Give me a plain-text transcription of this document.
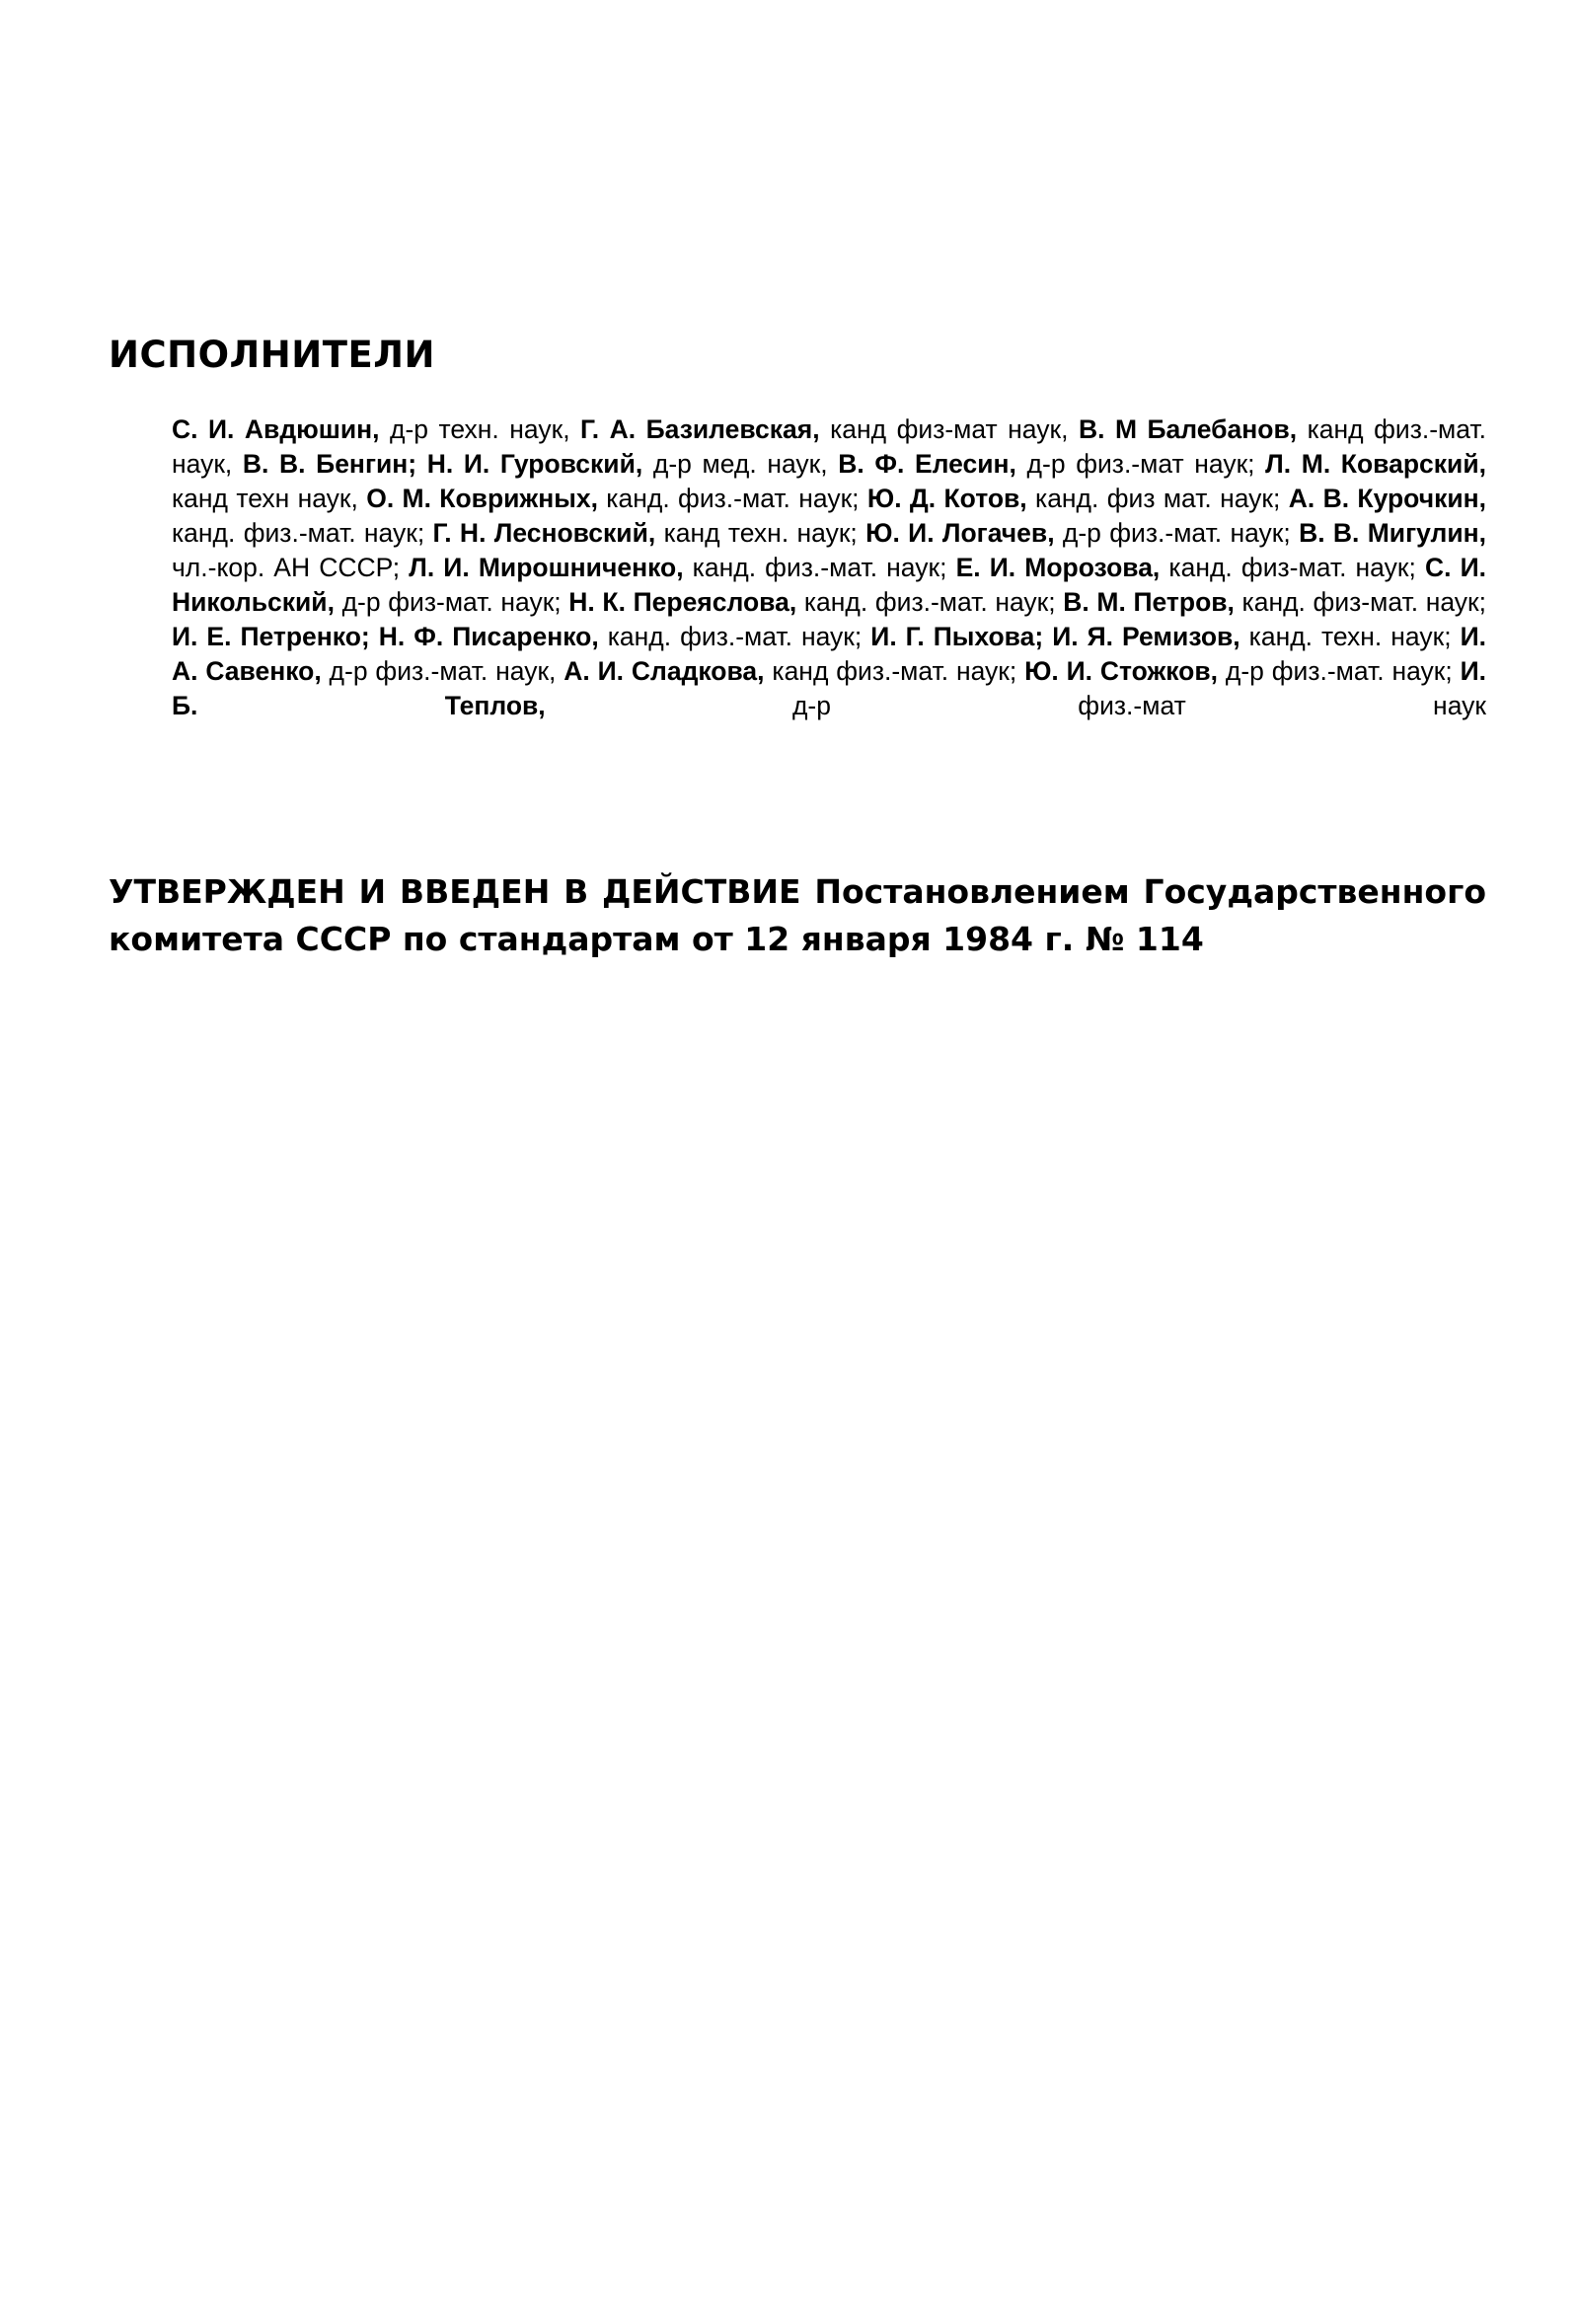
ИСПОЛНИТЕЛИ

С. И. Авдюшин, д-р техн. наук, Г. А. Базилевская, канд физ-мат наук, В. М Балебанов, канд физ.-мат. наук, В. В. Бенгин; Н. И. Гуровский, д-р мед. наук, В. Ф. Елесин, д-р физ.-мат наук; Л. М. Коварский, канд техн наук, О. М. Коврижных, канд. физ.-мат. наук; Ю. Д. Котов, канд. физ мат. наук; А. В. Курочкин, канд. физ.-мат. наук; Г. Н. Лесновский, канд техн. наук; Ю. И. Логачев, д-р физ.-мат. наук; В. В. Мигулин, чл.-кор. АН СССР; Л. И. Мирошниченко, канд. физ.-мат. наук; Е. И. Морозова, канд. физ-мат. наук; С. И. Никольский, д-р физ-мат. наук; Н. К. Переяслова, канд. физ.-мат. наук; В. М. Петров, канд. физ-мат. наук; И. Е. Петренко; Н. Ф. Писаренко, канд. физ.-мат. наук; И. Г. Пыхова; И. Я. Ремизов, канд. техн. наук; И. А. Савенко, д-р физ.-мат. наук, А. И. Сладкова, канд физ.-мат. наук; Ю. И. Стожков, д-р физ.-мат. наук; И. Б. Теплов, д-р физ.-мат наук

УТВЕРЖДЕН И ВВЕДЕН В ДЕЙСТВИЕ Постановлением Государственного комитета СССР по стандартам от 12 января 1984 г. № 114
